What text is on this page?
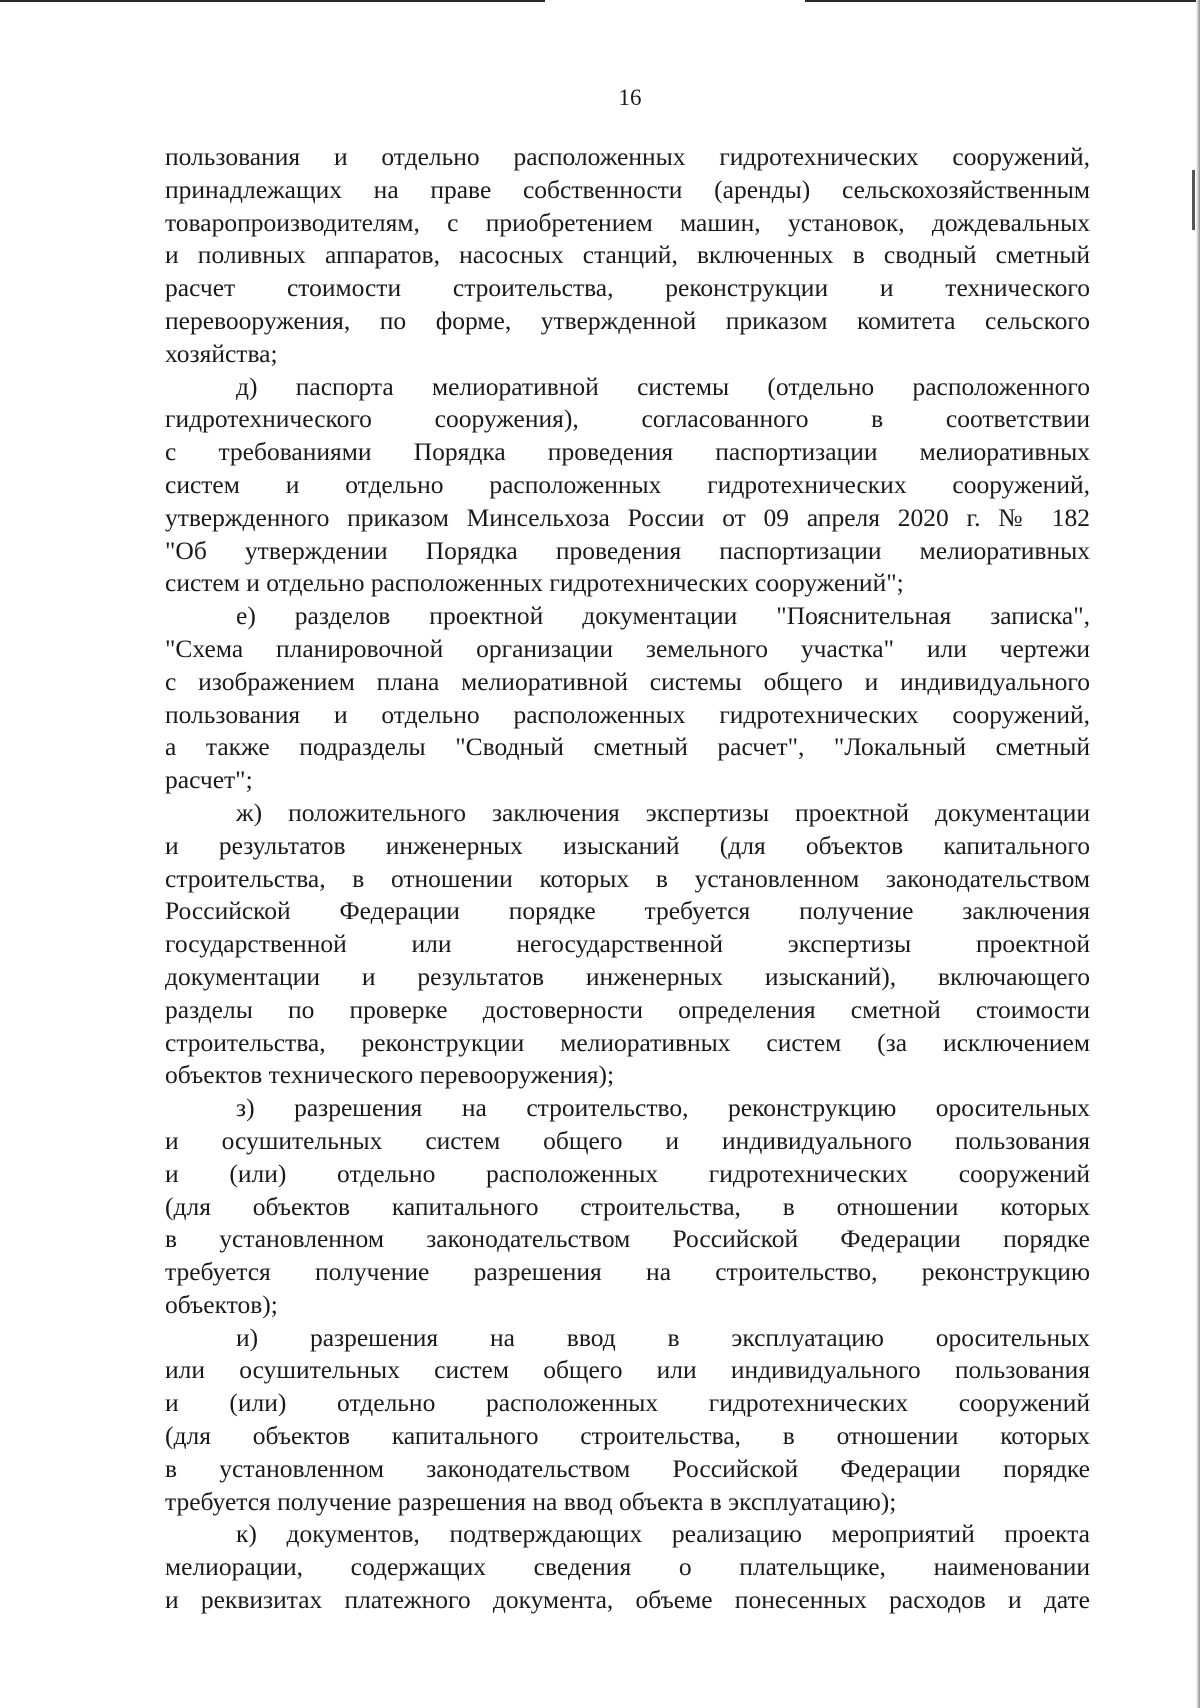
16
пользования и отдельно расположенных гидротехнических сооружений,
принадлежащих на праве собственности (аренды) сельскохозяйственным
товаропроизводителям, с приобретением машин, установок, дождевальных
и поливных аппаратов, насосных станций, включенных в сводный сметный
расчет стоимости строительства, реконструкции и технического
перевооружения, по форме, утвержденной приказом комитета сельского
хозяйства;
д) паспорта мелиоративной системы (отдельно расположенного
гидротехнического сооружения), согласованного в соответствии
с требованиями Порядка проведения паспортизации мелиоративных
систем и отдельно расположенных гидротехнических сооружений,
утвержденного приказом Минсельхоза России от 09 апреля 2020 г. № 182
"Об утверждении Порядка проведения паспортизации мелиоративных
систем и отдельно расположенных гидротехнических сооружений";
е) разделов проектной документации "Пояснительная записка",
"Схема планировочной организации земельного участка" или чертежи
с изображением плана мелиоративной системы общего и индивидуального
пользования и отдельно расположенных гидротехнических сооружений,
а также подразделы "Сводный сметный расчет", "Локальный сметный
расчет";
ж) положительного заключения экспертизы проектной документации
и результатов инженерных изысканий (для объектов капитального
строительства, в отношении которых в установленном законодательством
Российской Федерации порядке требуется получение заключения
государственной или негосударственной экспертизы проектной
документации и результатов инженерных изысканий), включающего
разделы по проверке достоверности определения сметной стоимости
строительства, реконструкции мелиоративных систем (за исключением
объектов технического перевооружения);
з) разрешения на строительство, реконструкцию оросительных
и осушительных систем общего и индивидуального пользования
и (или) отдельно расположенных гидротехнических сооружений
(для объектов капитального строительства, в отношении которых
в установленном законодательством Российской Федерации порядке
требуется получение разрешения на строительство, реконструкцию
объектов);
и) разрешения на ввод в эксплуатацию оросительных
или осушительных систем общего или индивидуального пользования
и (или) отдельно расположенных гидротехнических сооружений
(для объектов капитального строительства, в отношении которых
в установленном законодательством Российской Федерации порядке
требуется получение разрешения на ввод объекта в эксплуатацию);
к) документов, подтверждающих реализацию мероприятий проекта
мелиорации, содержащих сведения о плательщике, наименовании
и реквизитах платежного документа, объеме понесенных расходов и дате
